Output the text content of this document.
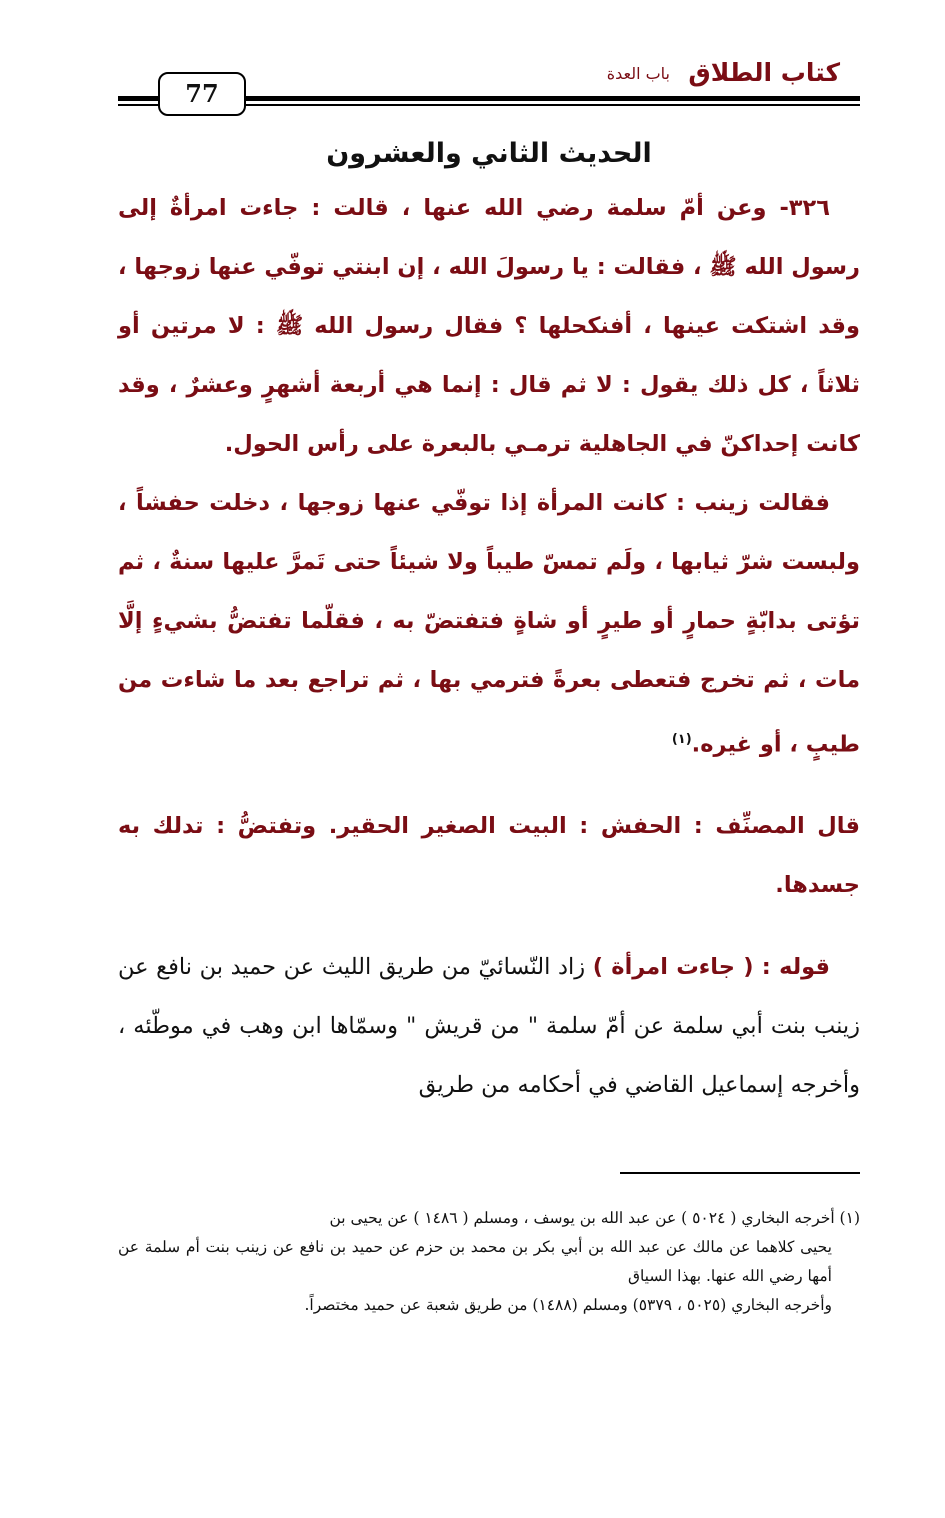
كتاب الطلاق
باب العدة
77
الحديث الثاني والعشرون

٣٢٦- وعن أمّ سلمة رضي الله عنها ، قالت : جاءت امرأةٌ إلى رسول الله ﷺ ، فقالت : يا رسولَ الله ، إن ابنتي توفّي عنها زوجها ، وقد اشتكت عينها ، أفنكحلها ؟ فقال رسول الله ﷺ : لا مرتين أو ثلاثاً ، كل ذلك يقول : لا ثم قال : إنما هي أربعة أشهرٍ وعشرٌ ، وقد كانت إحداكنّ في الجاهلية ترمـي بالبعرة على رأس الحول.

فقالت زينب : كانت المرأة إذا توفّي عنها زوجها ، دخلت حفشاً ، ولبست شرّ ثيابها ، ولَم تمسّ طيباً ولا شيئاً حتى تَمرَّ عليها سنةٌ ، ثم تؤتى بدابّةٍ حمارٍ أو طيرٍ أو شاةٍ فتفتضّ به ، فقلّما تفتضُّ بشيءٍ إلَّا مات ، ثم تخرج فتعطى بعرةً فترمي بها ، ثم تراجع بعد ما شاءت من طيبٍ ، أو غيره.$^{(١)}$

قال المصنِّف : الحفش : البيت الصغير الحقير. وتفتضُّ : تدلك به جسدها.

قوله : ( جاءت امرأة ) زاد النّسائيّ من طريق الليث عن حميد بن نافع عن زينب بنت أبي سلمة عن أمّ سلمة " من قريش " وسمّاها ابن وهب في موطّئه ، وأخرجه إسماعيل القاضي في أحكامه من طريق

(١) أخرجه البخاري ( ٥٠٢٤ ) عن عبد الله بن يوسف ، ومسلم ( ١٤٨٦ ) عن يحيى بن

يحيى كلاهما عن مالك عن عبد الله بن أبي بكر بن محمد بن حزم عن حميد بن نافع عن زينب بنت أم سلمة عن أمها رضي الله عنها. بهذا السياق

وأخرجه البخاري (٥٠٢٥ ، ٥٣٧٩) ومسلم (١٤٨٨) من طريق شعبة عن حميد مختصراً.
